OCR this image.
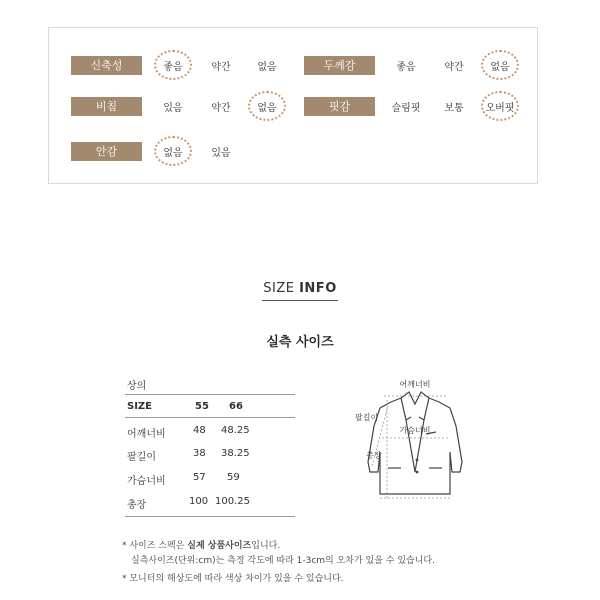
신축성	좋음	약간	없음	두께감	좋음	약간	없음
비침	있음	약간	없음	핏감	슬림핏	보통	오버핏
안감	없음	있음
SIZE INFO
실측 사이즈
상의
SIZE	55 66
어깨너비	48 48.25
팔길이	38 38.25
가슴너비	57 59
총장	100 100.25
어깨너비
팔길이
가슴너비
총장
* 사이즈 스펙은 실제 상품사이즈입니다.
실측사이즈(단위:cm)는 측정 각도에 따라 1-3cm의 오차가 있을 수 있습니다.
* 모니터의 해상도에 따라 색상 차이가 있을 수 있습니다.
